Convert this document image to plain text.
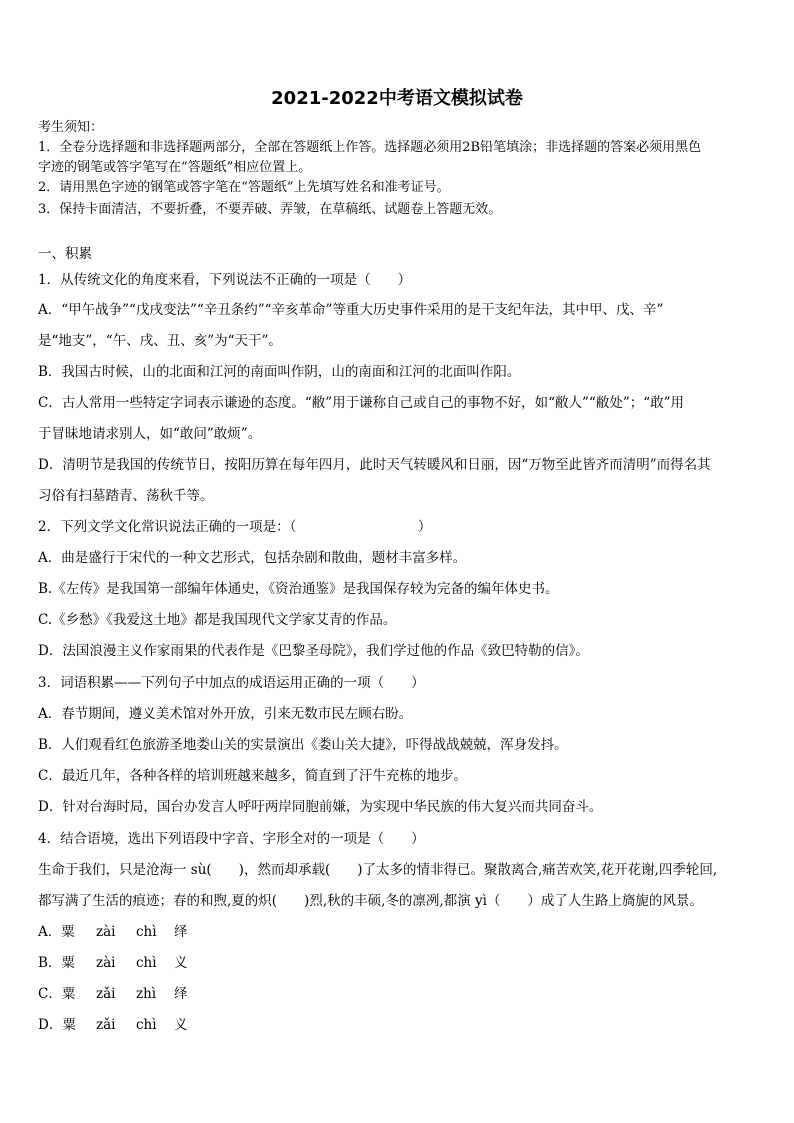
2021-2022中考语文模拟试卷
考生须知：
1．全卷分选择题和非选择题两部分，全部在答题纸上作答。选择题必须用2B铅笔填涂；非选择题的答案必须用黑色
字迹的钢笔或答字笔写在“答题纸”相应位置上。
2．请用黑色字迹的钢笔或答字笔在“答题纸”上先填写姓名和准考证号。
3．保持卡面清洁，不要折叠，不要弄破、弄皱，在草稿纸、试题卷上答题无效。
一、积累
1．从传统文化的角度来看，下列说法不正确的一项是（　　）
A．“甲午战争”“戊戌变法”“辛丑条约”“辛亥革命”等重大历史事件采用的是干支纪年法，其中甲、戊、辛”
是“地支”，“午、戌、丑、亥”为“天干”。
B．我国古时候，山的北面和江河的南面叫作阴，山的南面和江河的北面叫作阳。
C．古人常用一些特定字词表示谦逊的态度。“敝”用于谦称自己或自己的事物不好，如“敝人”“敝处”；“敢”用
于冒昧地请求别人，如“敢问”敢烦”。
D．清明节是我国的传统节日，按阳历算在每年四月，此时天气转暖风和日丽，因“万物至此皆齐而清明”而得名其
习俗有扫墓踏青、荡秋千等。
2．下列文学文化常识说法正确的一项是：（　　　　　　　　　）
A．曲是盛行于宋代的一种文艺形式，包括杂剧和散曲，题材丰富多样。
B.《左传》是我国第一部编年体通史，《资治通鉴》是我国保存较为完备的编年体史书。
C.《乡愁》《我爱这土地》都是我国现代文学家艾青的作品。
D．法国浪漫主义作家雨果的代表作是《巴黎圣母院》，我们学过他的作品《致巴特勒的信》。
3．词语积累——下列句子中加点的成语运用正确的一项（　　）
A．春节期间，遵义美术馆对外开放，引来无数市民左顾右盼。
B．人们观看红色旅游圣地娄山关的实景演出《娄山关大捷》，吓得战战兢兢，浑身发抖。
C．最近几年，各种各样的培训班越来越多，简直到了汗牛充栋的地步。
D．针对台海时局，国台办发言人呼吁两岸同胞前嫌，为实现中华民族的伟大复兴而共同奋斗。
4．结合语境，选出下列语段中字音、字形全对的一项是（　　）
生命于我们，只是沧海一 sù(　　)，然而却承载(　　)了太多的情非得已。聚散离合,痛苦欢笑,花开花谢,四季轮回,
都写满了生活的痕迹；春的和煦,夏的炽(　　)烈,秋的丰硕,冬的凛冽,都演 yì（　　）成了人生路上旖旎的风景。
A．粟 zài chì 绎
B．粟 zài chì 义
C．粟 zǎi zhì 绎
D．粟 zǎi chì 义
